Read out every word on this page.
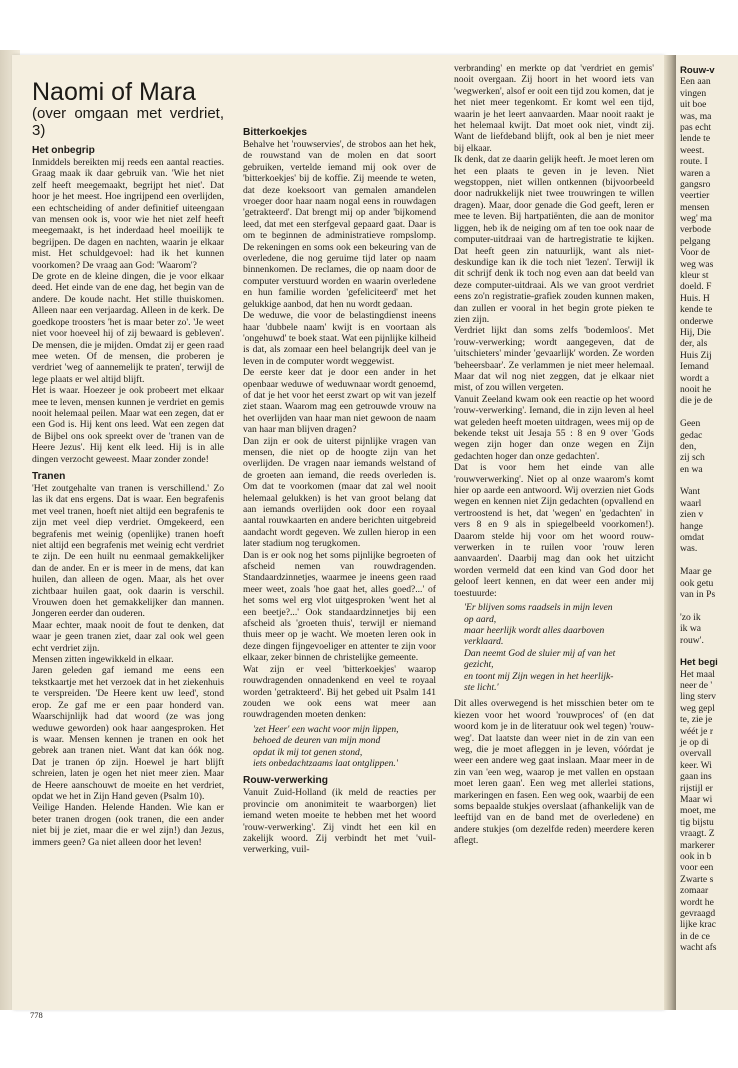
Naomi of Mara
(over omgaan met verdriet, 3)
Het onbegrip

Inmiddels bereikten mij reeds een aantal reacties. Graag maak ik daar gebruik van. 'Wie het niet zelf heeft meegemaakt, begrijpt het niet'. Dat hoor je het meest. Hoe ingrijpend een overlijden, een echtscheiding of ander definitief uiteengaan van mensen ook is, voor wie het niet zelf heeft meegemaakt, is het inderdaad heel moeilijk te begrijpen. De dagen en nachten, waarin je elkaar mist. Het schuldgevoel: had ik het kunnen voorkomen? De vraag aan God: 'Waarom'?

De grote en de kleine dingen, die je voor elkaar deed. Het einde van de ene dag, het begin van de andere. De koude nacht. Het stille thuiskomen. Alleen naar een verjaardag. Alleen in de kerk. De goedkope troosters 'het is maar beter zo'. 'Je weet niet voor hoeveel hij of zij bewaard is gebleven'. De mensen, die je mijden. Omdat zij er geen raad mee weten. Of de mensen, die proberen je verdriet 'weg of aannemelijk te praten', terwijl de lege plaats er wel altijd blijft.

Het is waar. Hoezeer je ook probeert met elkaar mee te leven, mensen kunnen je verdriet en gemis nooit helemaal peilen. Maar wat een zegen, dat er een God is. Hij kent ons leed. Wat een zegen dat de Bijbel ons ook spreekt over de 'tranen van de Heere Jezus'. Hij kent elk leed. Hij is in alle dingen verzocht geweest. Maar zonder zonde!

Tranen

'Het zoutgehalte van tranen is verschillend.' Zo las ik dat ens ergens. Dat is waar. Een begrafenis met veel tranen, hoeft niet altijd een begrafenis te zijn met veel diep verdriet. Omgekeerd, een begrafenis met weinig (openlijke) tranen hoeft niet altijd een begrafenis met weinig echt verdriet te zijn. De een huilt nu eenmaal gemakkelijker dan de ander. En er is meer in de mens, dat kan huilen, dan alleen de ogen. Maar, als het over zichtbaar huilen gaat, ook daarin is verschil. Vrouwen doen het gemakkelijker dan mannen. Jongeren eerder dan ouderen.

Maar echter, maak nooit de fout te denken, dat waar je geen tranen ziet, daar zal ook wel geen echt verdriet zijn.

Mensen zitten ingewikkeld in elkaar.

Jaren geleden gaf iemand me eens een tekstkaartje met het verzoek dat in het ziekenhuis te verspreiden. 'De Heere kent uw leed', stond erop. Ze gaf me er een paar honderd van. Waarschijnlijk had dat woord (ze was jong weduwe geworden) ook haar aangesproken. Het is waar. Mensen kennen je tranen en ook het gebrek aan tranen niet. Want dat kan óók nog. Dat je tranen óp zijn. Hoewel je hart blijft schreien, laten je ogen het niet meer zien. Maar de Heere aanschouwt de moeite en het verdriet, opdat we het in Zijn Hand geven (Psalm 10).

Veilige Handen. Helende Handen. Wie kan er beter tranen drogen (ook tranen, die een ander niet bij je ziet, maar die er wel zijn!) dan Jezus, immers geen? Ga niet alleen door het leven!

Bitterkoekjes

Behalve het 'rouwservies', de strobos aan het hek, de rouwstand van de molen en dat soort gebruiken, vertelde iemand mij ook over de 'bitterkoekjes' bij de koffie. Zij meende te weten, dat deze koeksoort van gemalen amandelen vroeger door haar naam nogal eens in rouwdagen 'getrakteerd'. Dat brengt mij op ander 'bijkomend leed, dat met een sterfgeval gepaard gaat. Daar is om te beginnen de administratieve rompslomp. De rekeningen en soms ook een bekeuring van de overledene, die nog geruime tijd later op naam binnenkomen. De reclames, die op naam door de computer verstuurd worden en waarin overledene en hun familie worden 'gefeliciteerd' met het gelukkige aanbod, dat hen nu wordt gedaan.

De weduwe, die voor de belastingdienst ineens haar 'dubbele naam' kwijt is en voortaan als 'ongehuwd' te boek staat. Wat een pijnlijke kilheid is dat, als zomaar een heel belangrijk deel van je leven in de computer wordt weggewist.

De eerste keer dat je door een ander in het openbaar weduwe of weduwnaar wordt genoemd, of dat je het voor het eerst zwart op wit van jezelf ziet staan. Waarom mag een getrouwde vrouw na het overlijden van haar man niet gewoon de naam van haar man blijven dragen?

Dan zijn er ook de uiterst pijnlijke vragen van mensen, die niet op de hoogte zijn van het overlijden. De vragen naar iemands welstand of de groeten aan iemand, die reeds overleden is. Om dat te voorkomen (maar dat zal wel nooit helemaal gelukken) is het van groot belang dat aan iemands overlijden ook door een royaal aantal rouwkaarten en andere berichten uitgebreid aandacht wordt gegeven. We zullen hierop in een later stadium nog terugkomen.

Dan is er ook nog het soms pijnlijke begroeten of afscheid nemen van rouwdragenden. Standaardzinnetjes, waarmee je ineens geen raad meer weet, zoals 'hoe gaat het, alles goed?...' of het soms wel erg vlot uitgesproken 'went het al een beetje?...' Ook standaardzinnetjes bij een afscheid als 'groeten thuis', terwijl er niemand thuis meer op je wacht. We moeten leren ook in deze dingen fijngevoeliger en attenter te zijn voor elkaar, zeker binnen de christelijke gemeente.

Wat zijn er veel 'bitterkoekjes' waarop rouwdragenden onnadenkend en veel te royaal worden 'getrakteerd'. Bij het gebed uit Psalm 141 zouden we ook eens wat meer aan rouwdragenden moeten denken:

'zet Heer' een wacht voor mijn lippen,

behoed de deuren van mijn mond

opdat ik mij tot genen stond,

iets onbedachtzaams laat ontglippen.'

Rouw-verwerking

Vanuit Zuid-Holland (ik meld de reacties per provincie om anonimiteit te waarborgen) liet iemand weten moeite te hebben met het woord 'rouw-verwerking'. Zij vindt het een kil en zakelijk woord. Zij verbindt het met 'vuil-verwerking, vuil-

verbranding' en merkte op dat 'verdriet en gemis' nooit overgaan. Zij hoort in het woord iets van 'wegwerken', alsof er ooit een tijd zou komen, dat je het niet meer tegenkomt. Er komt wel een tijd, waarin je het leert aanvaarden. Maar nooit raakt je het helemaal kwijt. Dat moet ook niet, vindt zij. Want de liefdeband blijft, ook al ben je niet meer bij elkaar.

Ik denk, dat ze daarin gelijk heeft. Je moet leren om het een plaats te geven in je leven. Niet wegstoppen, niet willen ontkennen (bijvoorbeeld door nadrukkelijk niet twee trouwringen te willen dragen). Maar, door genade die God geeft, leren er mee te leven. Bij hartpatiënten, die aan de monitor liggen, heb ik de neiging om af ten toe ook naar de computer-uitdraai van de hartregistratie te kijken. Dat heeft geen zin natuurlijk, want als niet-deskundige kan ik die toch niet 'lezen'. Terwijl ik dit schrijf denk ik toch nog even aan dat beeld van deze computer-uitdraai. Als we van groot verdriet eens zo'n registratie-grafiek zouden kunnen maken, dan zullen er vooral in het begin grote pieken te zien zijn.

Verdriet lijkt dan soms zelfs 'bodemloos'. Met 'rouw-verwerking; wordt aangegeven, dat de 'uitschieters' minder 'gevaarlijk' worden. Ze worden 'beheersbaar'. Ze verlammen je niet meer helemaal. Maar dat wil nog niet zeggen, dat je elkaar niet mist, of zou willen vergeten.

Vanuit Zeeland kwam ook een reactie op het woord 'rouw-verwerking'. Iemand, die in zijn leven al heel wat geleden heeft moeten uitdragen, wees mij op de bekende tekst uit Jesaja 55 : 8 en 9 over 'Gods wegen zijn hoger dan onze wegen en Zijn gedachten hoger dan onze gedachten'.

Dat is voor hem het einde van alle 'rouwverwerking'. Niet op al onze waarom's komt hier op aarde een antwoord. Wij overzien niet Gods wegen en kennen niet Zijn gedachten (opvallend en vertroostend is het, dat 'wegen' en 'gedachten' in vers 8 en 9 als in spiegelbeeld voorkomen!). Daarom stelde hij voor om het woord rouw-verwerken in te ruilen voor 'rouw leren aanvaarden'. Daarbij mag dan ook het uitzicht worden vermeld dat een kind van God door het geloof leert kennen, en dat weer een ander mij toestuurde:

'Er blijven soms raadsels in mijn leven

op aard,

maar heerlijk wordt alles daarboven

verklaard.

Dan neemt God de sluier mij af van het

gezicht,

en toont mij Zijn wegen in het heerlijk-

ste licht.'

Dit alles overwegend is het misschien beter om te kiezen voor het woord 'rouwproces' of (en dat woord kom je in de literatuur ook wel tegen) 'rouw-weg'. Dat laatste dan weer niet in de zin van een weg, die je moet afleggen in je leven, vóórdat je weer een andere weg gaat inslaan. Maar meer in de zin van 'een weg, waarop je met vallen en opstaan moet leren gaan'. Een weg met allerlei stations, markeringen en fasen. Een weg ook, waarbij de een soms bepaalde stukjes overslaat (afhankelijk van de leeftijd van en de band met de overledene) en andere stukjes (om dezelfde reden) meerdere keren aflegt.

778
Rouw-v
Een aan
vingen
uit boe
was, ma
pas echt
lende te
weest.
route. I
waren a
gangsro
veertier
mensen
weg' ma
verbode
pelgang
Voor de
weg was
kleur st
doeld. F
Huis. H
kende te
onderwe
Hij, Die
der, als
Huis Zij
Iemand
wordt a
nooit he
die je de
Geen
gedac
den,
zij sch
en wa
Want
waarl
zien v
hange
omdat
was.
Maar ge
ook getu
van in Ps
'zo ik
ik wa
rouw'.
Het begi
Het maal
neer de '
ling sterv
weg gepl
te, zie je
wéét je r
je op di
overvall
keer. Wi
gaan ins
rijstijl er
Maar wi
moet, me
tig bijstu
vraagt. Z
markerer
ook in b
voor een
Zwarte s
zomaar
wordt he
gevraagd
lijke krac
in de ce
wacht afs
